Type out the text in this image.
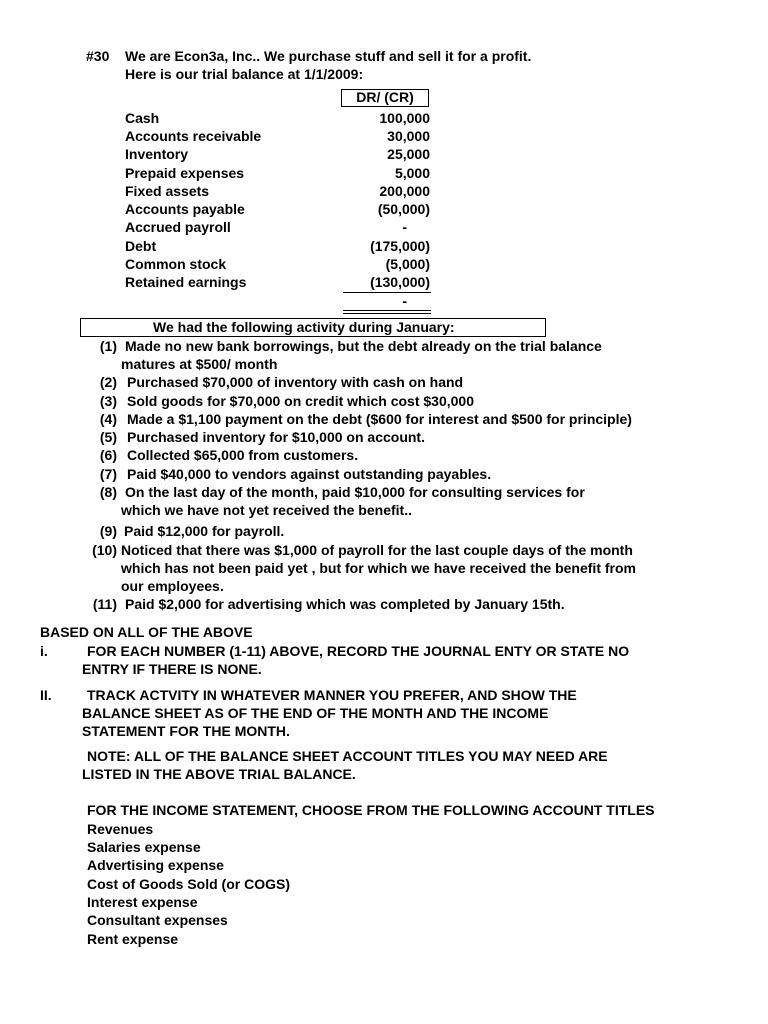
#30 We are Econ3a, Inc.. We purchase stuff and sell it for a profit.
Here is our trial balance at 1/1/2009:
DR/ (CR)
Cash	100,000
Accounts receivable	30,000
Inventory	25,000
Prepaid expenses	5,000
Fixed assets	200,000
Accounts payable	(50,000)
Accrued payroll	-
Debt	(175,000)
Common stock	(5,000)
Retained earnings	(130,000)
-
We had the following activity during January:
(1) Made no new bank borrowings, but the debt already on the trial balance
matures at $500/ month
(2) Purchased $70,000 of inventory with cash on hand
(3) Sold goods for $70,000 on credit which cost $30,000
(4) Made a $1,100 payment on the debt ($600 for interest and $500 for principle)
(5) Purchased inventory for $10,000 on account.
(6) Collected $65,000 from customers.
(7) Paid $40,000 to vendors against outstanding payables.
(8) On the last day of the month, paid $10,000 for consulting services for
which we have not yet received the benefit..
(9) Paid $12,000 for payroll.
(10) Noticed that there was $1,000 of payroll for the last couple days of the month
which has not been paid yet , but for which we have received the benefit from
our employees.
(11) Paid $2,000 for advertising which was completed by January 15th.
BASED ON ALL OF THE ABOVE
i.	FOR EACH NUMBER (1-11) ABOVE, RECORD THE JOURNAL ENTY OR STATE NO
ENTRY IF THERE IS NONE.
II.	TRACK ACTVITY IN WHATEVER MANNER YOU PREFER, AND SHOW THE
BALANCE SHEET AS OF THE END OF THE MONTH AND THE INCOME
STATEMENT FOR THE MONTH.
NOTE: ALL OF THE BALANCE SHEET ACCOUNT TITLES YOU MAY NEED ARE
LISTED IN THE ABOVE TRIAL BALANCE.
FOR THE INCOME STATEMENT, CHOOSE FROM THE FOLLOWING ACCOUNT TITLES
Revenues
Salaries expense
Advertising expense
Cost of Goods Sold (or COGS)
Interest expense
Consultant expenses
Rent expense
